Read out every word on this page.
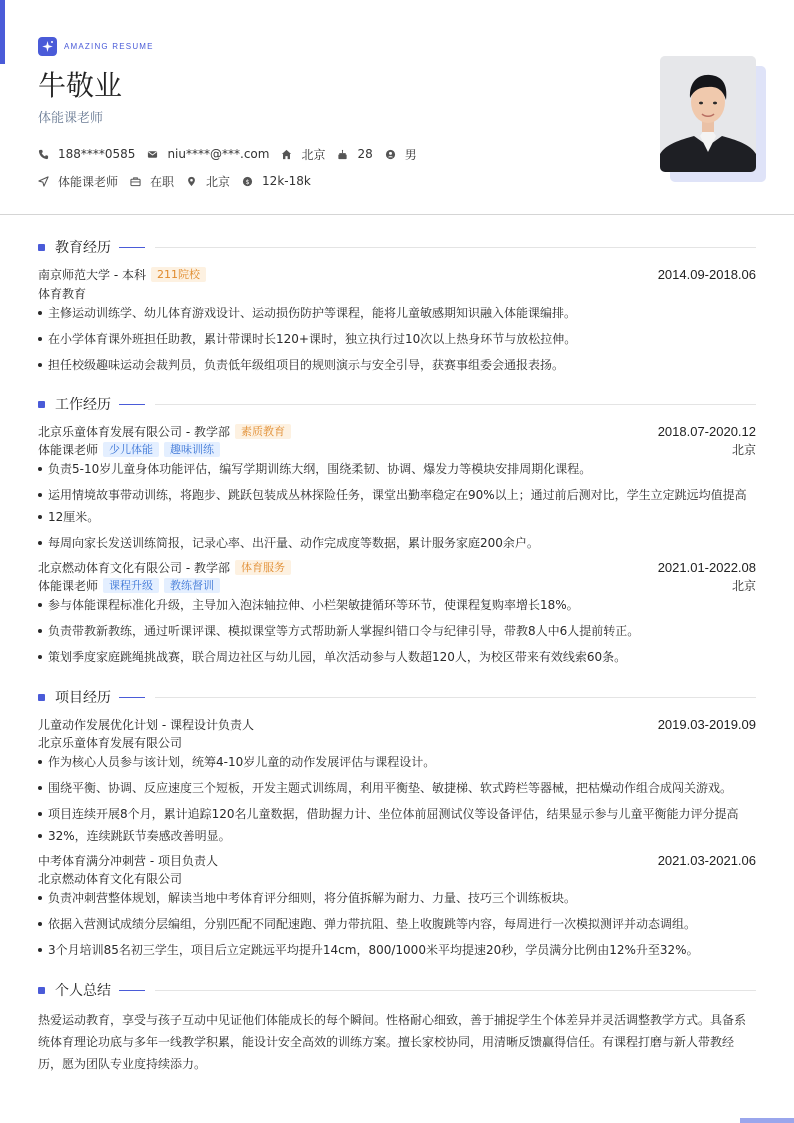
AMAZING RESUME
牛敬业
体能课老师
188****0585	niu****@***.com	北京	28	男
体能课老师	在职	北京 $ 12k-18k
教育经历
南京师范大学 - 本科	211院校	2014.09-2018.06
体育教育
主修运动训练学、幼儿体育游戏设计、运动损伤防护等课程，能将儿童敏感期知识融入体能课编排。
在小学体育课外班担任助教，累计带课时长120+课时，独立执行过10次以上热身环节与放松拉伸。
担任校级趣味运动会裁判员，负责低年级组项目的规则演示与安全引导，获赛事组委会通报表扬。
工作经历
北京乐童体育发展有限公司 - 教学部	素质教育	2018.07-2020.12
体能课老师	少儿体能	趣味训练	北京
负责5-10岁儿童身体功能评估，编写学期训练大纲，围绕柔韧、协调、爆发力等模块安排周期化课程。
运用情境故事带动训练，将跑步、跳跃包装成丛林探险任务，课堂出勤率稳定在90%以上；通过前后测对比，学生立定跳远均值提高
12厘米。
每周向家长发送训练简报，记录心率、出汗量、动作完成度等数据，累计服务家庭200余户。
北京燃动体育文化有限公司 - 教学部	体育服务	2021.01-2022.08
体能课老师	课程升级	教练督训	北京
参与体能课程标准化升级，主导加入泡沫轴拉伸、小栏架敏捷循环等环节，使课程复购率增长18%。
负责带教新教练，通过听课评课、模拟课堂等方式帮助新人掌握纠错口令与纪律引导，带教8人中6人提前转正。
策划季度家庭跳绳挑战赛，联合周边社区与幼儿园，单次活动参与人数超120人，为校区带来有效线索60条。
项目经历
儿童动作发展优化计划 - 课程设计负责人	2019.03-2019.09
北京乐童体育发展有限公司
作为核心人员参与该计划，统筹4-10岁儿童的动作发展评估与课程设计。
围绕平衡、协调、反应速度三个短板，开发主题式训练周，利用平衡垫、敏捷梯、软式跨栏等器械，把枯燥动作组合成闯关游戏。
项目连续开展8个月，累计追踪120名儿童数据，借助握力计、坐位体前屈测试仪等设备评估，结果显示参与儿童平衡能力评分提高
32%，连续跳跃节奏感改善明显。
中考体育满分冲刺营 - 项目负责人	2021.03-2021.06
北京燃动体育文化有限公司
负责冲刺营整体规划，解读当地中考体育评分细则，将分值拆解为耐力、力量、技巧三个训练板块。
依据入营测试成绩分层编组，分别匹配不同配速跑、弹力带抗阻、垫上收腹跳等内容，每周进行一次模拟测评并动态调组。
3个月培训85名初三学生，项目后立定跳远平均提升14cm，800/1000米平均提速20秒，学员满分比例由12%升至32%。
个人总结
热爱运动教育，享受与孩子互动中见证他们体能成长的每个瞬间。性格耐心细致，善于捕捉学生个体差异并灵活调整教学方式。具备系
统体育理论功底与多年一线教学积累，能设计安全高效的训练方案。擅长家校协同，用清晰反馈赢得信任。有课程打磨与新人带教经
历，愿为团队专业度持续添力。
